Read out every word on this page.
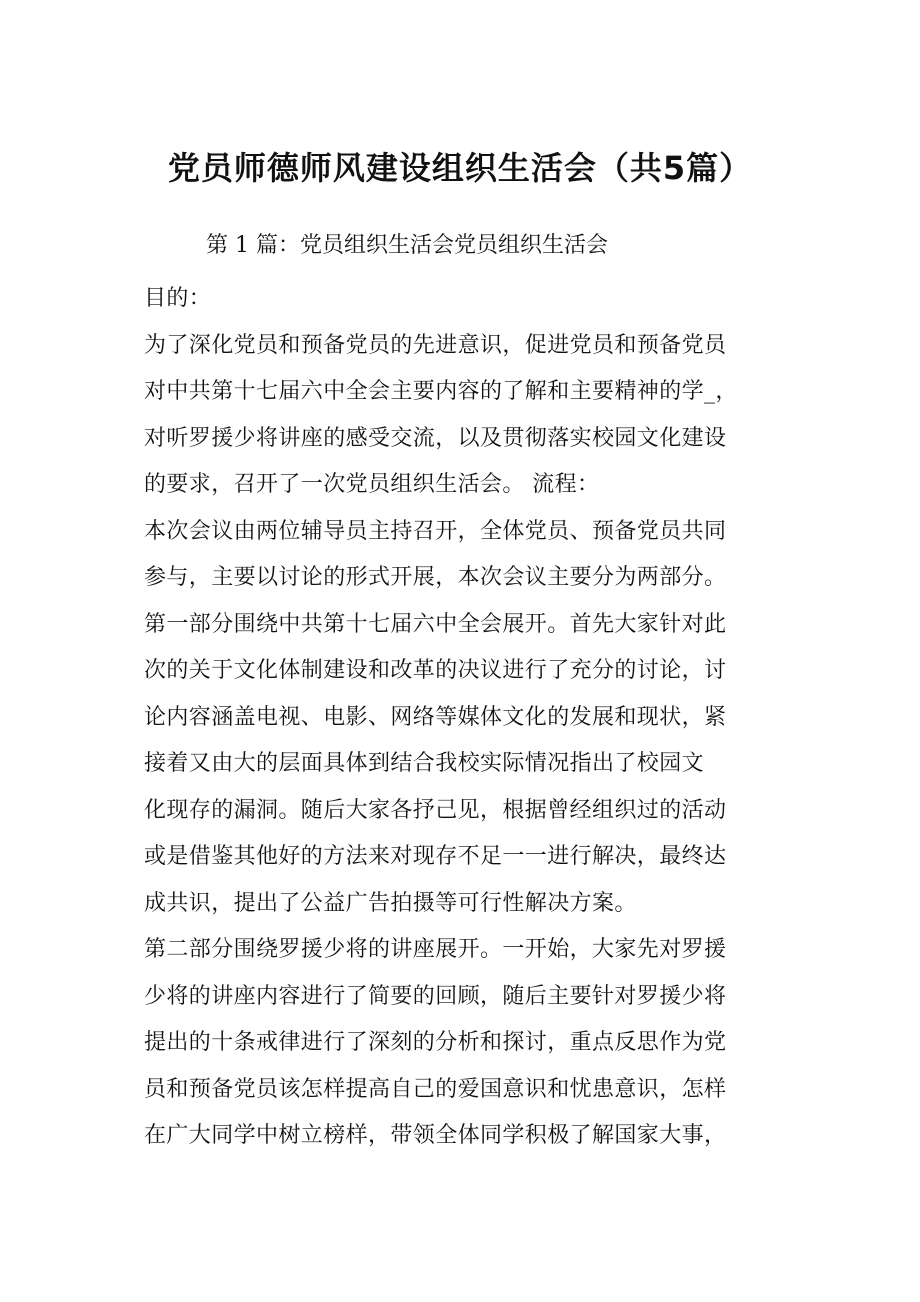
党员师德师风建设组织生活会（共5篇）

第 1 篇：党员组织生活会党员组织生活会

目的：
为了深化党员和预备党员的先进意识，促进党员和预备党员
对中共第十七届六中全会主要内容的了解和主要精神的学_，
对听罗援少将讲座的感受交流，以及贯彻落实校园文化建设
的要求，召开了一次党员组织生活会。 流程：
本次会议由两位辅导员主持召开，全体党员、预备党员共同
参与，主要以讨论的形式开展，本次会议主要分为两部分。
第一部分围绕中共第十七届六中全会展开。首先大家针对此
次的关于文化体制建设和改革的决议进行了充分的讨论，讨
论内容涵盖电视、电影、网络等媒体文化的发展和现状，紧
接着又由大的层面具体到结合我校实际情况指出了校园文
化现存的漏洞。随后大家各抒己见，根据曾经组织过的活动
或是借鉴其他好的方法来对现存不足一一进行解决，最终达
成共识，提出了公益广告拍摄等可行性解决方案。
第二部分围绕罗援少将的讲座展开。一开始，大家先对罗援
少将的讲座内容进行了简要的回顾，随后主要针对罗援少将
提出的十条戒律进行了深刻的分析和探讨，重点反思作为党
员和预备党员该怎样提高自己的爱国意识和忧患意识，怎样
在广大同学中树立榜样，带领全体同学积极了解国家大事，
